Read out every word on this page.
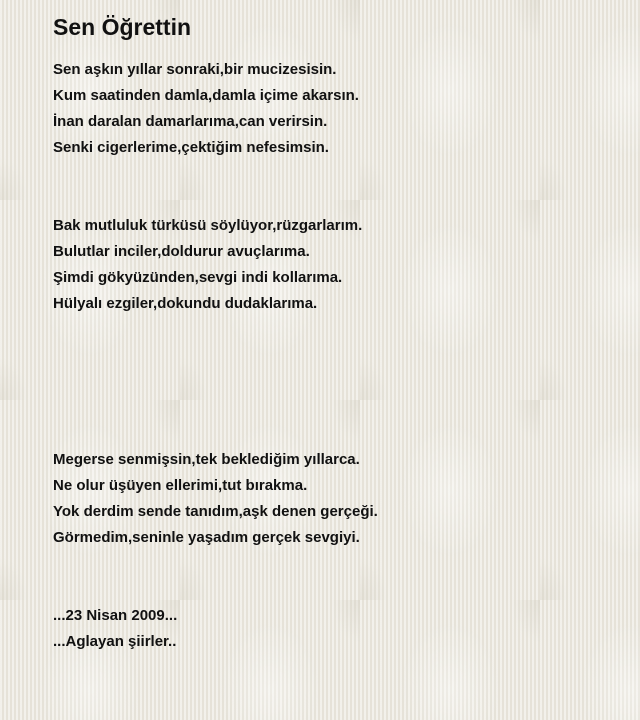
Sen Öğrettin
Sen aşkın yıllar sonraki,bir mucizesisin.
Kum saatinden damla,damla içime akarsın.
İnan daralan damarlarıma,can verirsin.
Senki cigerlerime,çektiğim nefesimsin.
Bak mutluluk türküsü söylüyor,rüzgarlarım.
Bulutlar inciler,doldurur avuçlarıma.
Şimdi gökyüzünden,sevgi indi kollarıma.
Hülyalı ezgiler,dokundu dudaklarıma.
Megerse senmişsin,tek beklediğim yıllarca.
Ne olur üşüyen ellerimi,tut bırakma.
Yok derdim sende tanıdım,aşk denen gerçeği.
Görmedim,seninle yaşadım gerçek sevgiyi.
...23 Nisan 2009...
...Aglayan şiirler..
